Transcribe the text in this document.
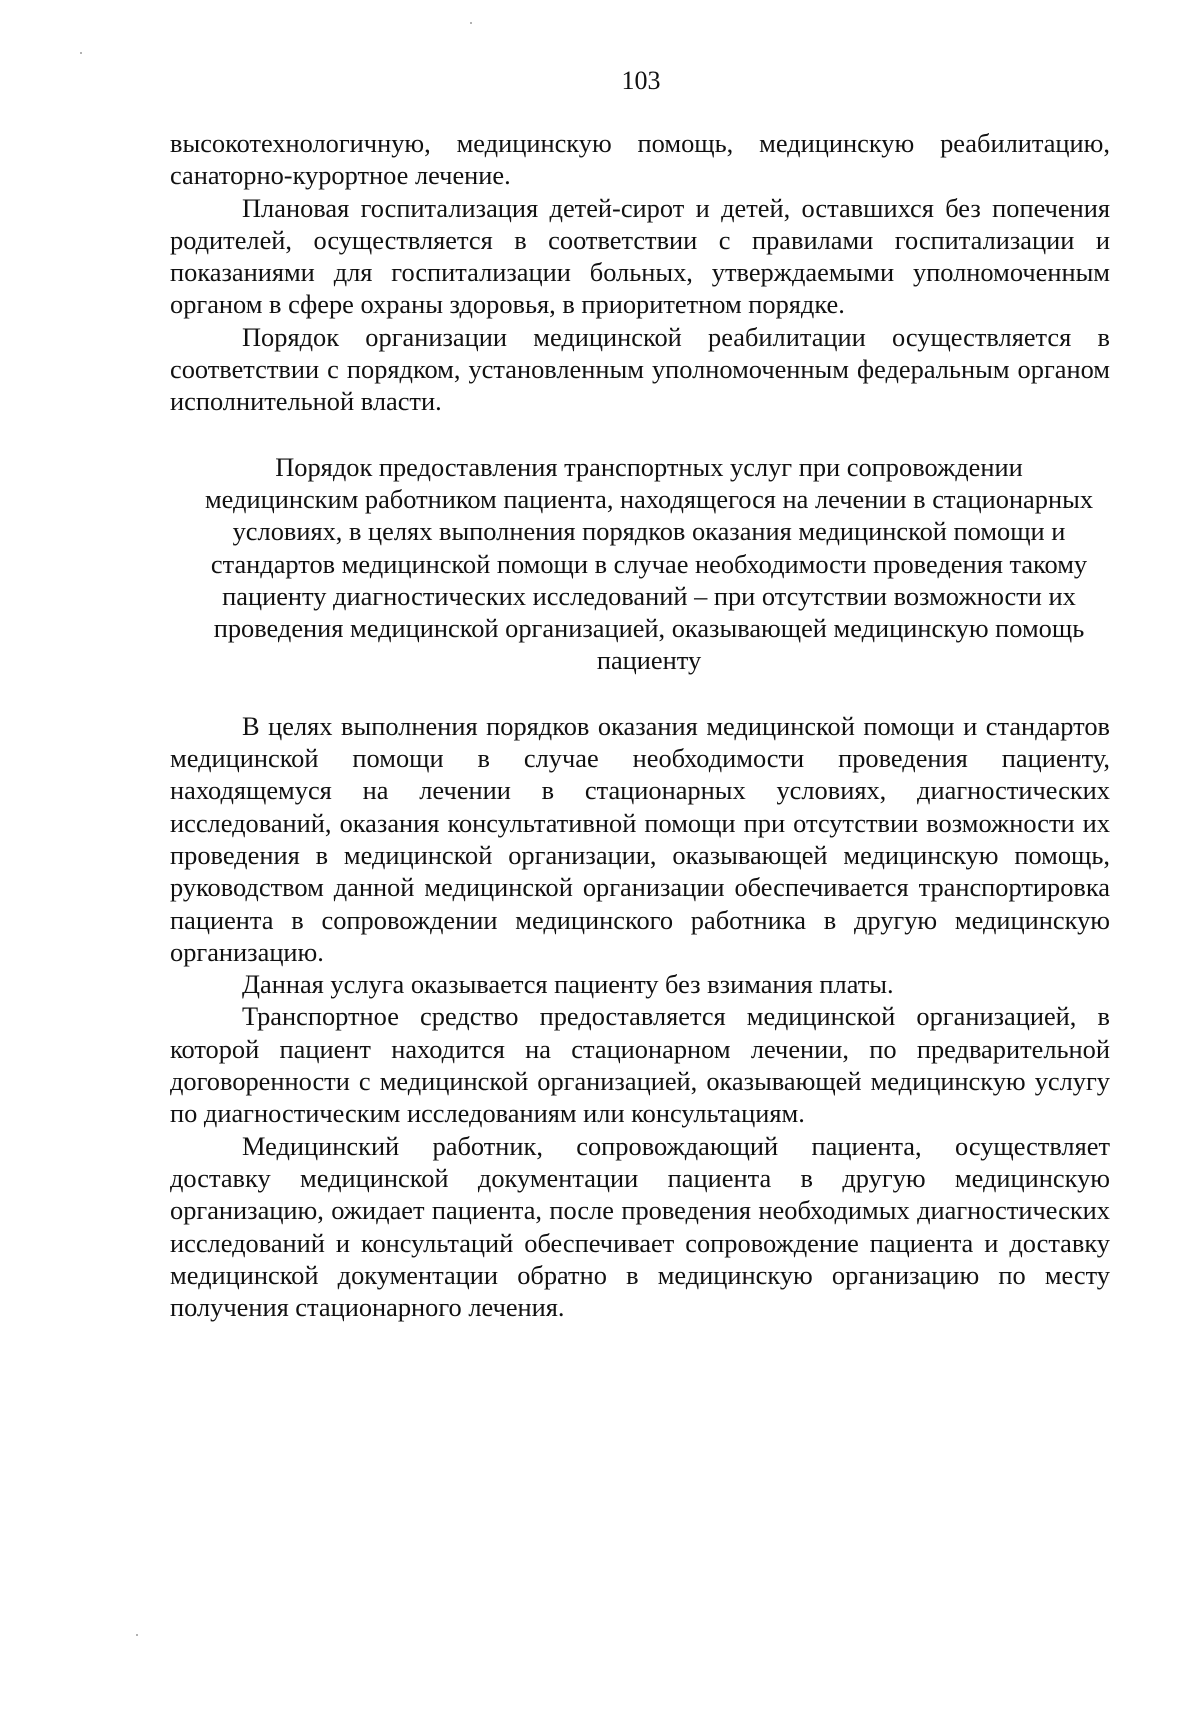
103

высокотехнологичную, медицинскую помощь, медицинскую реабилитацию, санаторно-курортное лечение.

Плановая госпитализация детей-сирот и детей, оставшихся без попечения родителей, осуществляется в соответствии с правилами госпитализации и показаниями для госпитализации больных, утверждаемыми уполномоченным органом в сфере охраны здоровья, в приоритетном порядке.

Порядок организации медицинской реабилитации осуществляется в соответствии с порядком, установленным уполномоченным федеральным органом исполнительной власти.

Порядок предоставления транспортных услуг при сопровождении медицинским работником пациента, находящегося на лечении в стационарных условиях, в целях выполнения порядков оказания медицинской помощи и стандартов медицинской помощи в случае необходимости проведения такому пациенту диагностических исследований – при отсутствии возможности их проведения медицинской организацией, оказывающей медицинскую помощь пациенту

В целях выполнения порядков оказания медицинской помощи и стандартов медицинской помощи в случае необходимости проведения пациенту, находящемуся на лечении в стационарных условиях, диагностических исследований, оказания консультативной помощи при отсутствии возможности их проведения в медицинской организации, оказывающей медицинскую помощь, руководством данной медицинской организации обеспечивается транспортировка пациента в сопровождении медицинского работника в другую медицинскую организацию.

Данная услуга оказывается пациенту без взимания платы.

Транспортное средство предоставляется медицинской организацией, в которой пациент находится на стационарном лечении, по предварительной договоренности с медицинской организацией, оказывающей медицинскую услугу по диагностическим исследованиям или консультациям.

Медицинский работник, сопровождающий пациента, осуществляет доставку медицинской документации пациента в другую медицинскую организацию, ожидает пациента, после проведения необходимых диагностических исследований и консультаций обеспечивает сопровождение пациента и доставку медицинской документации обратно в медицинскую организацию по месту получения стационарного лечения.
